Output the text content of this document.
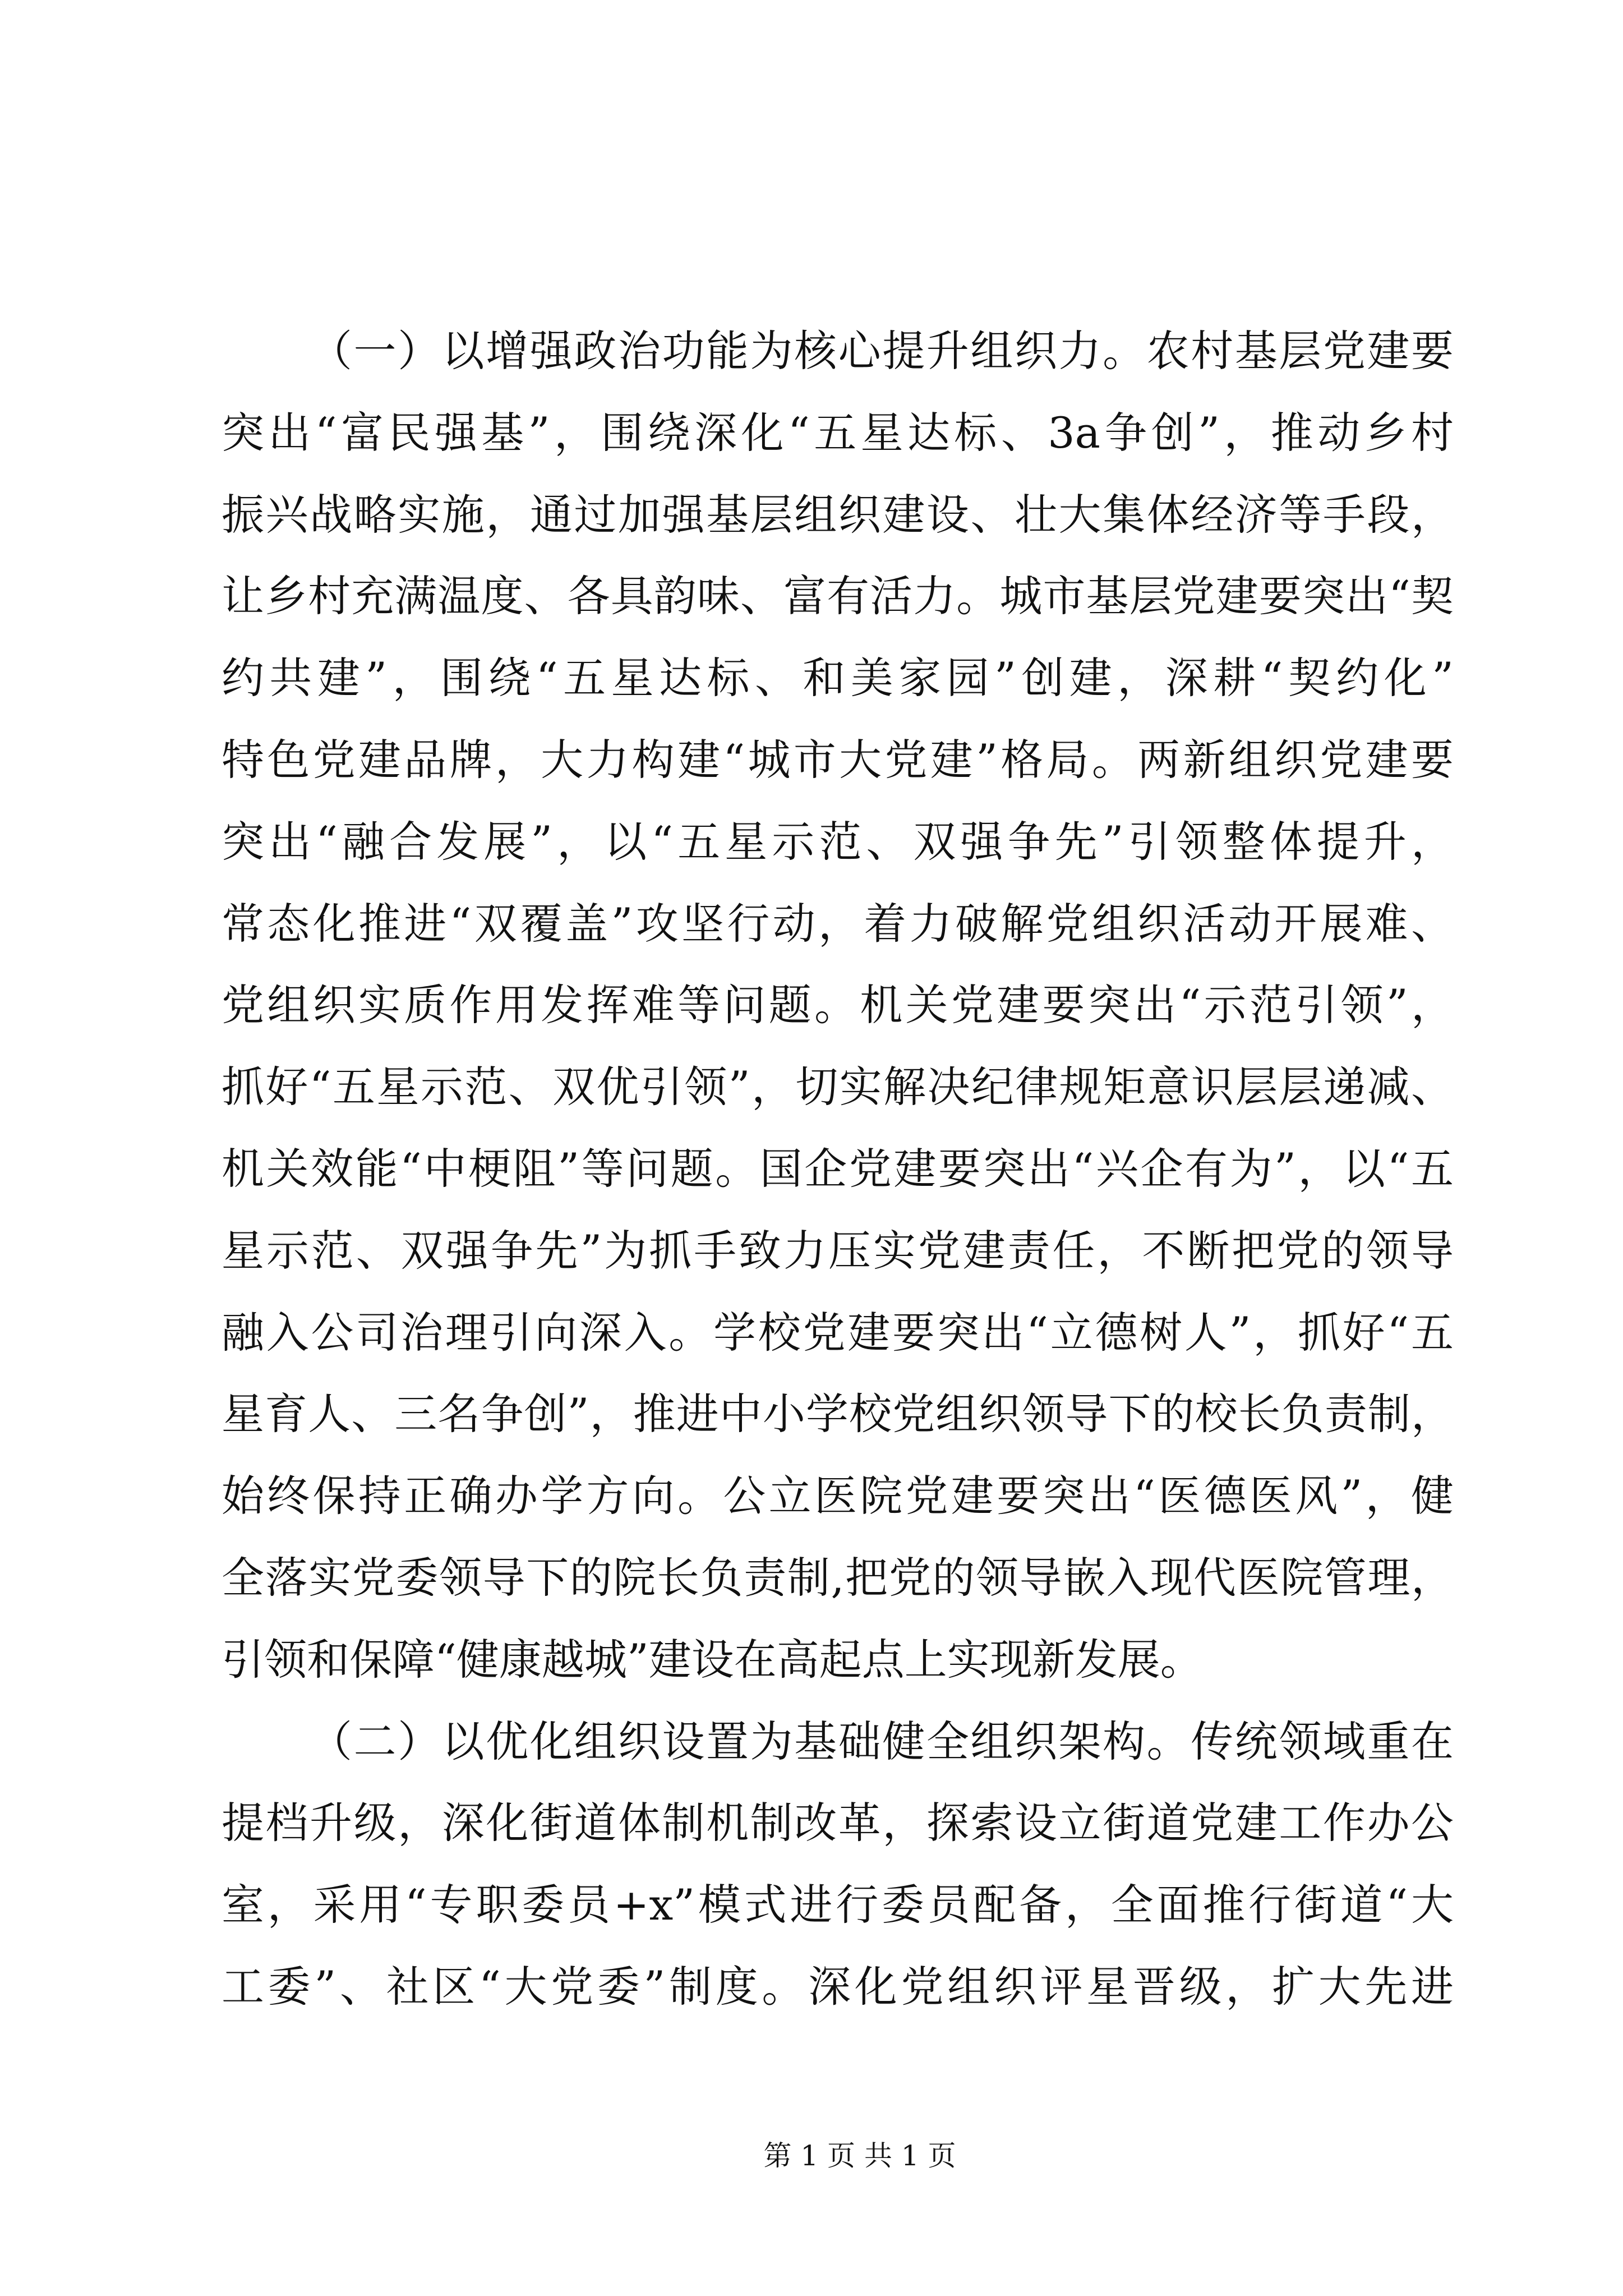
（一）以增强政治功能为核心提升组织力。农村基层党建要
突出“富民强基”，围绕深化“五星达标、3a争创”，推动乡村
振兴战略实施，通过加强基层组织建设、壮大集体经济等手段，
让乡村充满温度、各具韵味、富有活力。城市基层党建要突出“契
约共建”，围绕“五星达标、和美家园”创建，深耕“契约化”
特色党建品牌，大力构建“城市大党建”格局。两新组织党建要
突出“融合发展”，以“五星示范、双强争先”引领整体提升，
常态化推进“双覆盖”攻坚行动，着力破解党组织活动开展难、
党组织实质作用发挥难等问题。机关党建要突出“示范引领”，
抓好“五星示范、双优引领”，切实解决纪律规矩意识层层递减、
机关效能“中梗阻”等问题。国企党建要突出“兴企有为”，以“五
星示范、双强争先”为抓手致力压实党建责任，不断把党的领导
融入公司治理引向深入。学校党建要突出“立德树人”，抓好“五
星育人、三名争创”，推进中小学校党组织领导下的校长负责制，
始终保持正确办学方向。公立医院党建要突出“医德医风”，健
全落实党委领导下的院长负责制,把党的领导嵌入现代医院管理，
引领和保障“健康越城”建设在高起点上实现新发展。
（二）以优化组织设置为基础健全组织架构。传统领域重在
提档升级，深化街道体制机制改革，探索设立街道党建工作办公
室，采用“专职委员+x”模式进行委员配备，全面推行街道“大
工委”、社区“大党委”制度。深化党组织评星晋级，扩大先进
第 1 页 共 1 页
